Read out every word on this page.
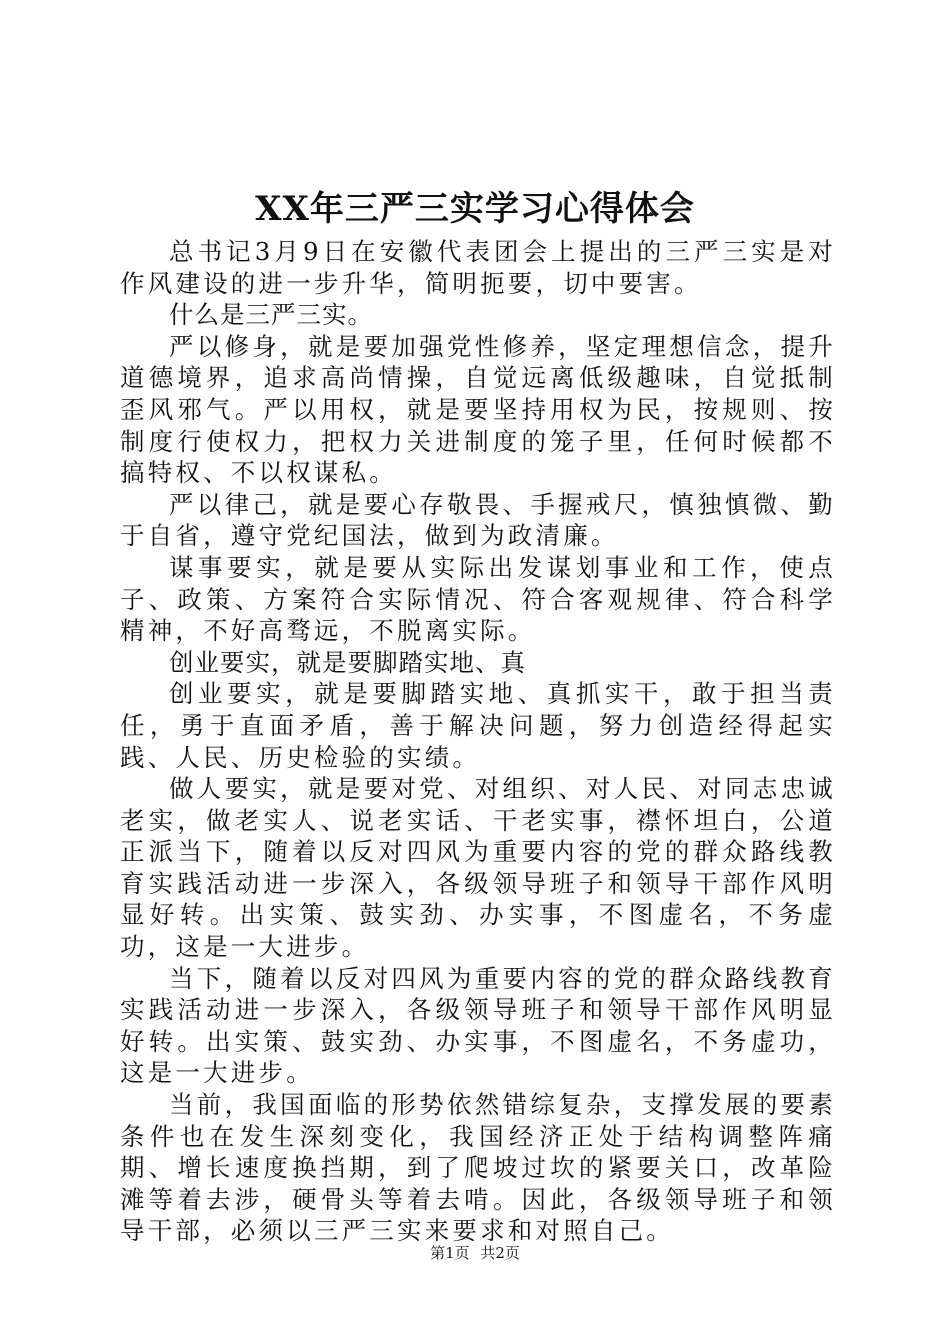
XX年三严三实学习心得体会

总书记3月9日在安徽代表团会上提出的三严三实是对作风建设的进一步升华，简明扼要，切中要害。

什么是三严三实。

严以修身，就是要加强党性修养，坚定理想信念，提升道德境界，追求高尚情操，自觉远离低级趣味，自觉抵制歪风邪气。严以用权，就是要坚持用权为民，按规则、按制度行使权力，把权力关进制度的笼子里，任何时候都不搞特权、不以权谋私。

严以律己，就是要心存敬畏、手握戒尺，慎独慎微、勤于自省，遵守党纪国法，做到为政清廉。

谋事要实，就是要从实际出发谋划事业和工作，使点子、政策、方案符合实际情况、符合客观规律、符合科学精神，不好高骛远，不脱离实际。

创业要实，就是要脚踏实地、真

创业要实，就是要脚踏实地、真抓实干，敢于担当责任，勇于直面矛盾，善于解决问题，努力创造经得起实践、人民、历史检验的实绩。

做人要实，就是要对党、对组织、对人民、对同志忠诚老实，做老实人、说老实话、干老实事，襟怀坦白，公道正派当下，随着以反对四风为重要内容的党的群众路线教育实践活动进一步深入，各级领导班子和领导干部作风明显好转。出实策、鼓实劲、办实事，不图虚名，不务虚功，这是一大进步。

当下，随着以反对四风为重要内容的党的群众路线教育实践活动进一步深入，各级领导班子和领导干部作风明显好转。出实策、鼓实劲、办实事，不图虚名，不务虚功，这是一大进步。

当前，我国面临的形势依然错综复杂，支撑发展的要素条件也在发生深刻变化，我国经济正处于结构调整阵痛期、增长速度换挡期，到了爬坡过坎的紧要关口，改革险滩等着去涉，硬骨头等着去啃。因此，各级领导班子和领导干部，必须以三严三实来要求和对照自己。

第1页 共2页
